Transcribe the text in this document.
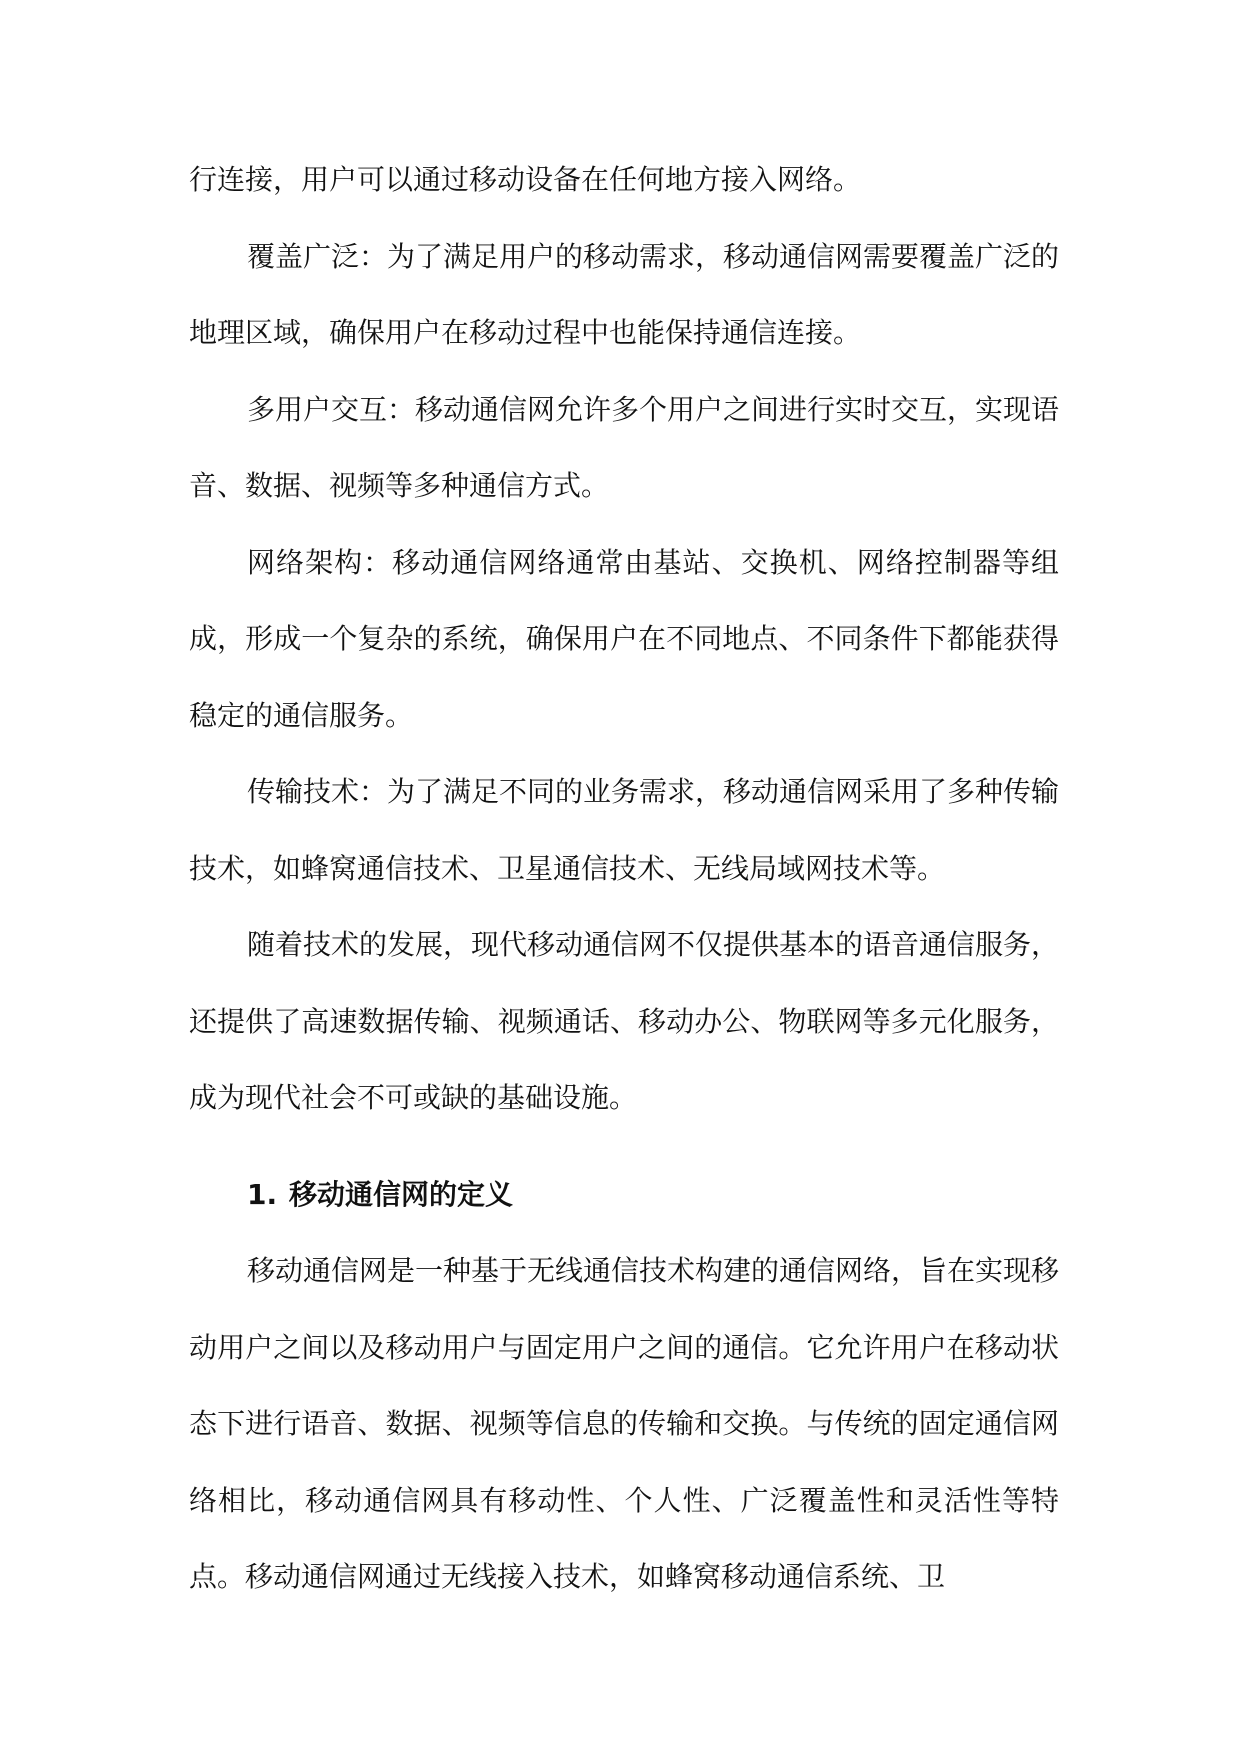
行连接，用户可以通过移动设备在任何地方接入网络。

覆盖广泛：为了满足用户的移动需求，移动通信网需要覆盖广泛的地理区域，确保用户在移动过程中也能保持通信连接。

多用户交互：移动通信网允许多个用户之间进行实时交互，实现语音、数据、视频等多种通信方式。

网络架构：移动通信网络通常由基站、交换机、网络控制器等组成，形成一个复杂的系统，确保用户在不同地点、不同条件下都能获得稳定的通信服务。

传输技术：为了满足不同的业务需求，移动通信网采用了多种传输技术，如蜂窝通信技术、卫星通信技术、无线局域网技术等。

随着技术的发展，现代移动通信网不仅提供基本的语音通信服务，还提供了高速数据传输、视频通话、移动办公、物联网等多元化服务，成为现代社会不可或缺的基础设施。

1. 移动通信网的定义

移动通信网是一种基于无线通信技术构建的通信网络，旨在实现移动用户之间以及移动用户与固定用户之间的通信。它允许用户在移动状态下进行语音、数据、视频等信息的传输和交换。与传统的固定通信网络相比，移动通信网具有移动性、个人性、广泛覆盖性和灵活性等特点。移动通信网通过无线接入技术，如蜂窝移动通信系统、卫
